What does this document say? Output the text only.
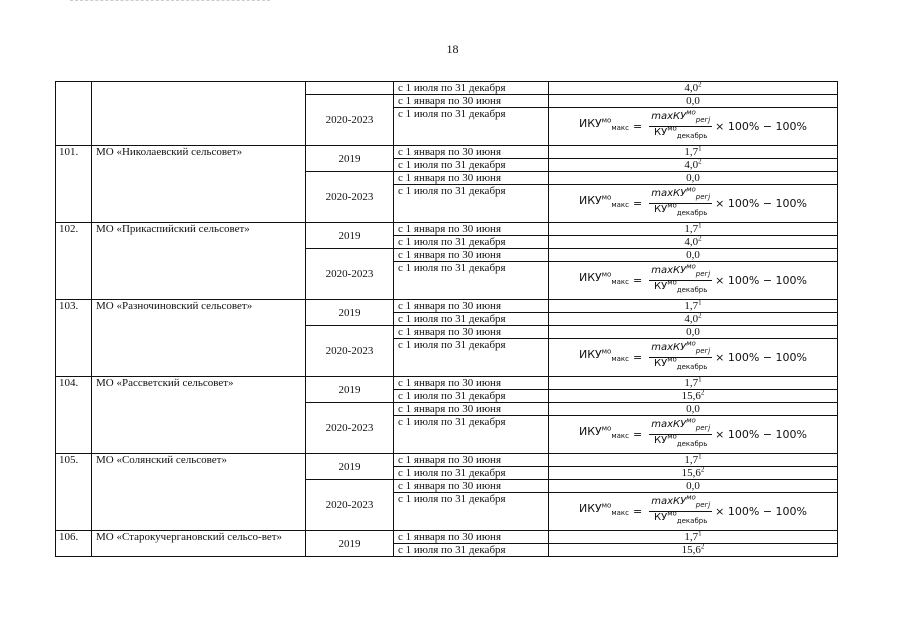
18
			с 1 июля по 31 декабря	$4,0^2$
		2020-2023	с 1 января по 30 июня	0,0
			с 1 июля по 31 декабря	$ИКУ^{мо}_{макс} = \frac{\max КУ^{мо}_{регj}}{КУ^{мо}_{декабрь}} \times 100\% - 100\%$

101.	МО «Николаевский сельсовет»	2019	с 1 января по 30 июня	$1,7^1$
			с 1 июля по 31 декабря	$4,0^2$
		2020-2023	с 1 января по 30 июня	0,0
			с 1 июля по 31 декабря	$ИКУ^{мо}_{макс} = \frac{\max КУ^{мо}_{регj}}{КУ^{мо}_{декабрь}} \times 100\% - 100\%$

102.	МО «Прикаспийский сельсовет»	2019	с 1 января по 30 июня	$1,7^1$
			с 1 июля по 31 декабря	$4,0^2$
		2020-2023	с 1 января по 30 июня	0,0
			с 1 июля по 31 декабря	$ИКУ^{мо}_{макс} = \frac{\max КУ^{мо}_{регj}}{КУ^{мо}_{декабрь}} \times 100\% - 100\%$

103.	МО «Разночиновский сельсовет»	2019	с 1 января по 30 июня	$1,7^1$
			с 1 июля по 31 декабря	$4,0^2$
		2020-2023	с 1 января по 30 июня	0,0
			с 1 июля по 31 декабря	$ИКУ^{мо}_{макс} = \frac{\max КУ^{мо}_{регj}}{КУ^{мо}_{декабрь}} \times 100\% - 100\%$

104.	МО «Рассветский сельсовет»	2019	с 1 января по 30 июня	$1,7^1$
			с 1 июля по 31 декабря	15,6$^2$
		2020-2023	с 1 января по 30 июня	0,0
			с 1 июля по 31 декабря	$ИКУ^{мо}_{макс} = \frac{\max КУ^{мо}_{регj}}{КУ^{мо}_{декабрь}} \times 100\% - 100\%$

105.	МО «Солянский сельсовет»	2019	с 1 января по 30 июня	$1,7^1$
			с 1 июля по 31 декабря	15,6$^2$
		2020-2023	с 1 января по 30 июня	0,0
			с 1 июля по 31 декабря	$ИКУ^{мо}_{макс} = \frac{\max КУ^{мо}_{регj}}{КУ^{мо}_{декабрь}} \times 100\% - 100\%$

106.	МО «Старокучергановский сельсо-вет»	2019	с 1 января по 30 июня	$1,7^1$
			с 1 июля по 31 декабря	15,6$^2$
